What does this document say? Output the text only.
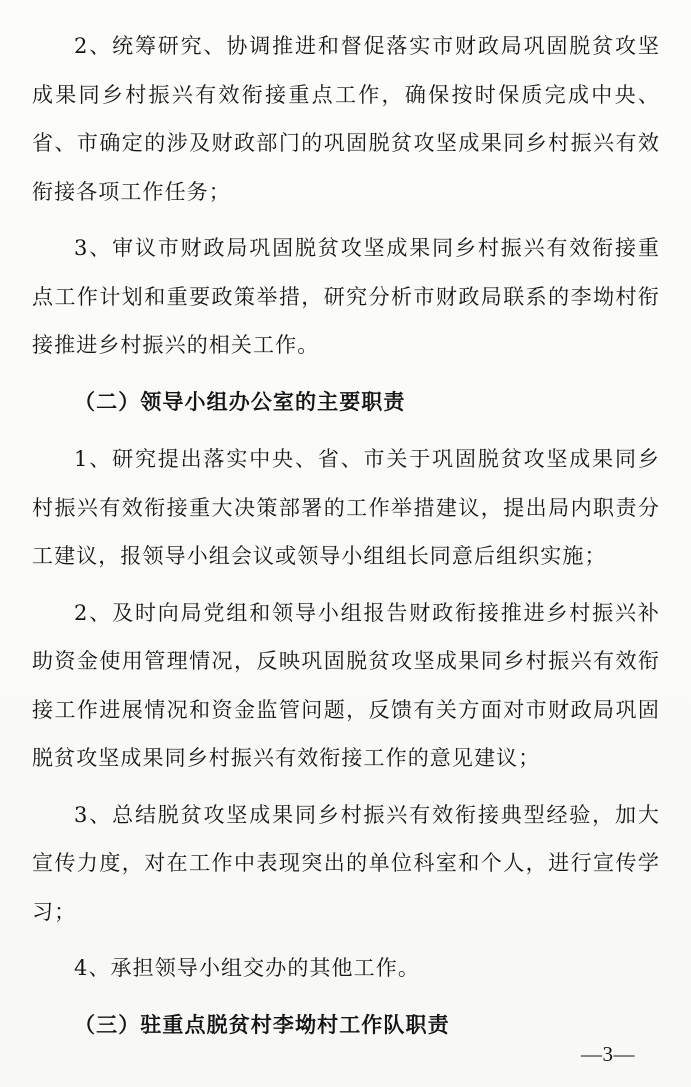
2、统筹研究、协调推进和督促落实市财政局巩固脱贫攻坚成果同乡村振兴有效衔接重点工作，确保按时保质完成中央、省、市确定的涉及财政部门的巩固脱贫攻坚成果同乡村振兴有效衔接各项工作任务；

3、审议市财政局巩固脱贫攻坚成果同乡村振兴有效衔接重点工作计划和重要政策举措，研究分析市财政局联系的李坳村衔接推进乡村振兴的相关工作。

（二）领导小组办公室的主要职责

1、研究提出落实中央、省、市关于巩固脱贫攻坚成果同乡村振兴有效衔接重大决策部署的工作举措建议，提出局内职责分工建议，报领导小组会议或领导小组组长同意后组织实施；

2、及时向局党组和领导小组报告财政衔接推进乡村振兴补助资金使用管理情况，反映巩固脱贫攻坚成果同乡村振兴有效衔接工作进展情况和资金监管问题，反馈有关方面对市财政局巩固脱贫攻坚成果同乡村振兴有效衔接工作的意见建议；

3、总结脱贫攻坚成果同乡村振兴有效衔接典型经验，加大宣传力度，对在工作中表现突出的单位科室和个人，进行宣传学习；

4、承担领导小组交办的其他工作。

（三）驻重点脱贫村李坳村工作队职责

—3—
